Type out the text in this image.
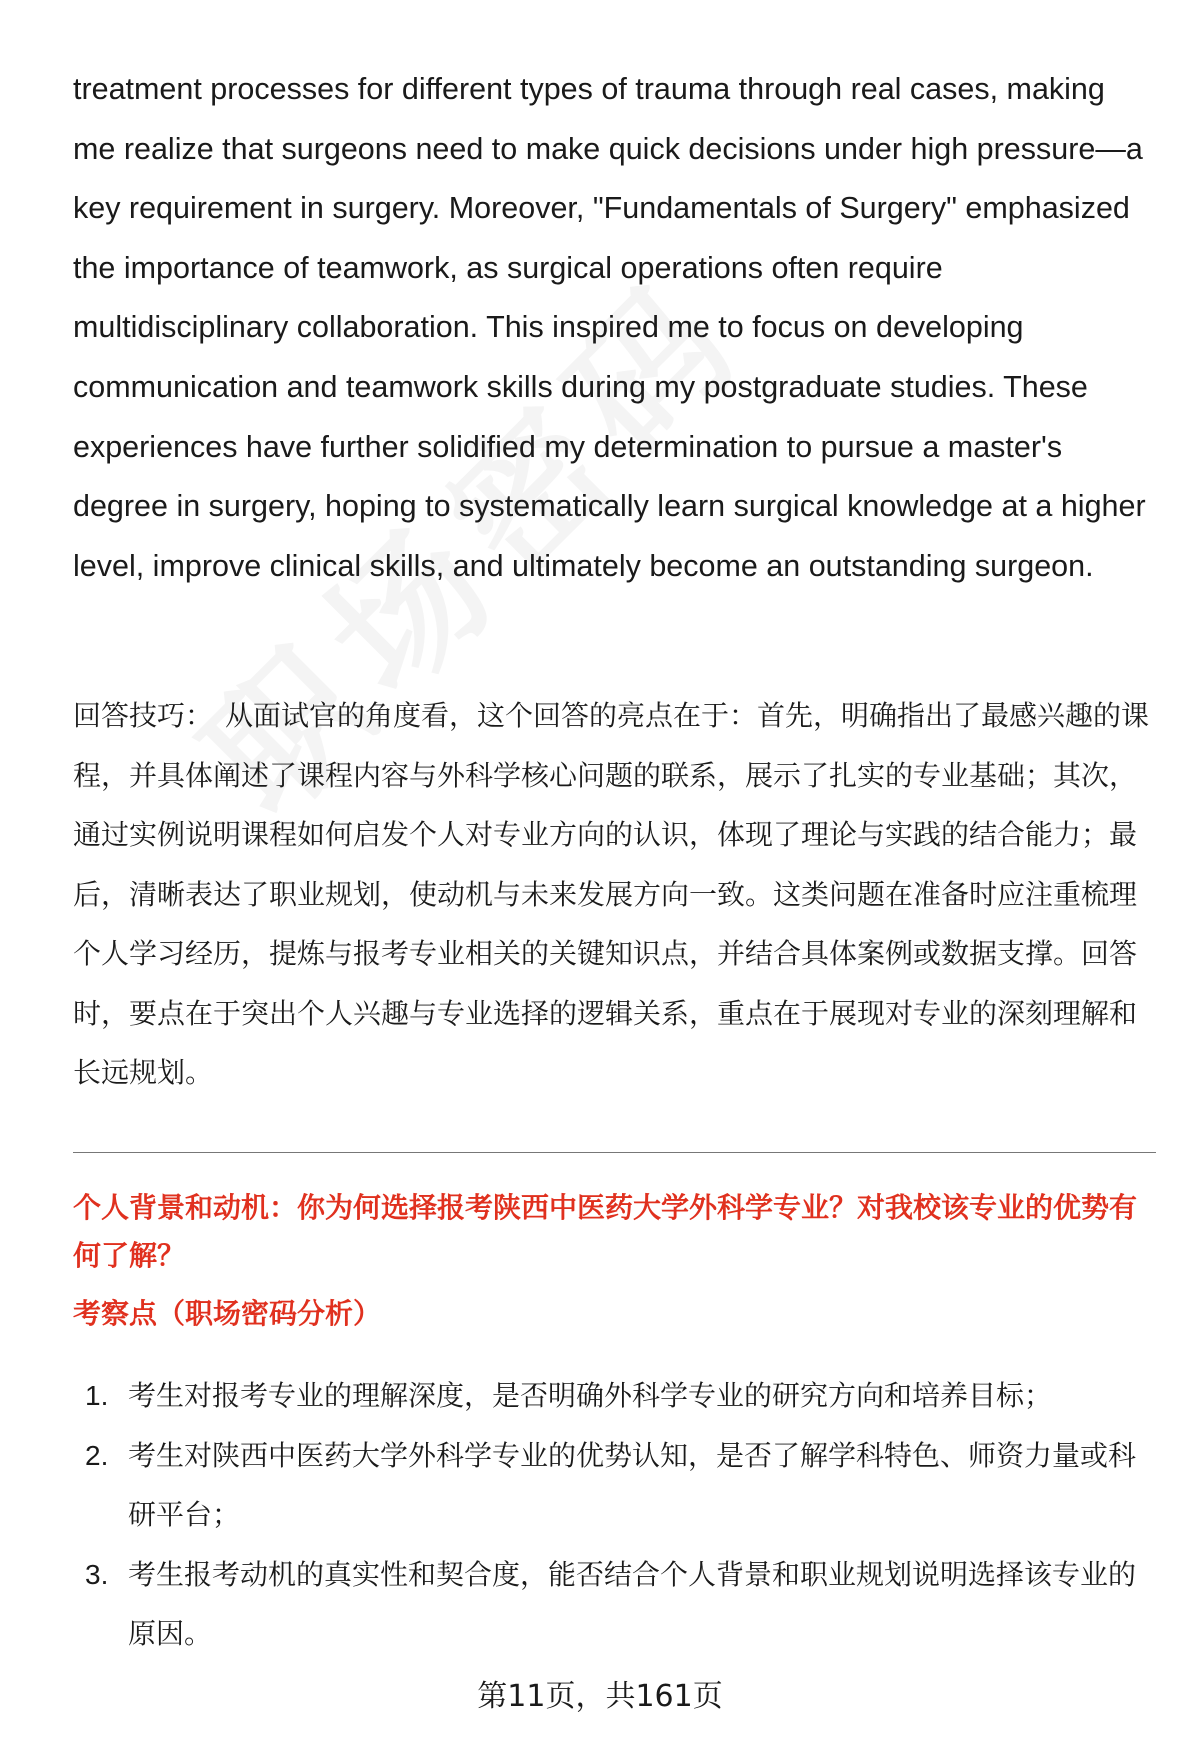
treatment processes for different types of trauma through real cases, making me realize that surgeons need to make quick decisions under high pressure—a key requirement in surgery. Moreover, "Fundamentals of Surgery" emphasized the importance of teamwork, as surgical operations often require multidisciplinary collaboration. This inspired me to focus on developing communication and teamwork skills during my postgraduate studies. These experiences have further solidified my determination to pursue a master's degree in surgery, hoping to systematically learn surgical knowledge at a higher level, improve clinical skills, and ultimately become an outstanding surgeon.

回答技巧： 从面试官的角度看，这个回答的亮点在于：首先，明确指出了最感兴趣的课程，并具体阐述了课程内容与外科学核心问题的联系，展示了扎实的专业基础；其次，通过实例说明课程如何启发个人对专业方向的认识，体现了理论与实践的结合能力；最后，清晰表达了职业规划，使动机与未来发展方向一致。这类问题在准备时应注重梳理个人学习经历，提炼与报考专业相关的关键知识点，并结合具体案例或数据支撑。回答时，要点在于突出个人兴趣与专业选择的逻辑关系，重点在于展现对专业的深刻理解和长远规划。

个人背景和动机：你为何选择报考陕西中医药大学外科学专业？对我校该专业的优势有何了解？
考察点（职场密码分析）
1. 考生对报考专业的理解深度，是否明确外科学专业的研究方向和培养目标；
2. 考生对陕西中医药大学外科学专业的优势认知，是否了解学科特色、师资力量或科研平台；
3. 考生报考动机的真实性和契合度，能否结合个人背景和职业规划说明选择该专业的原因。
第11页，共161页
